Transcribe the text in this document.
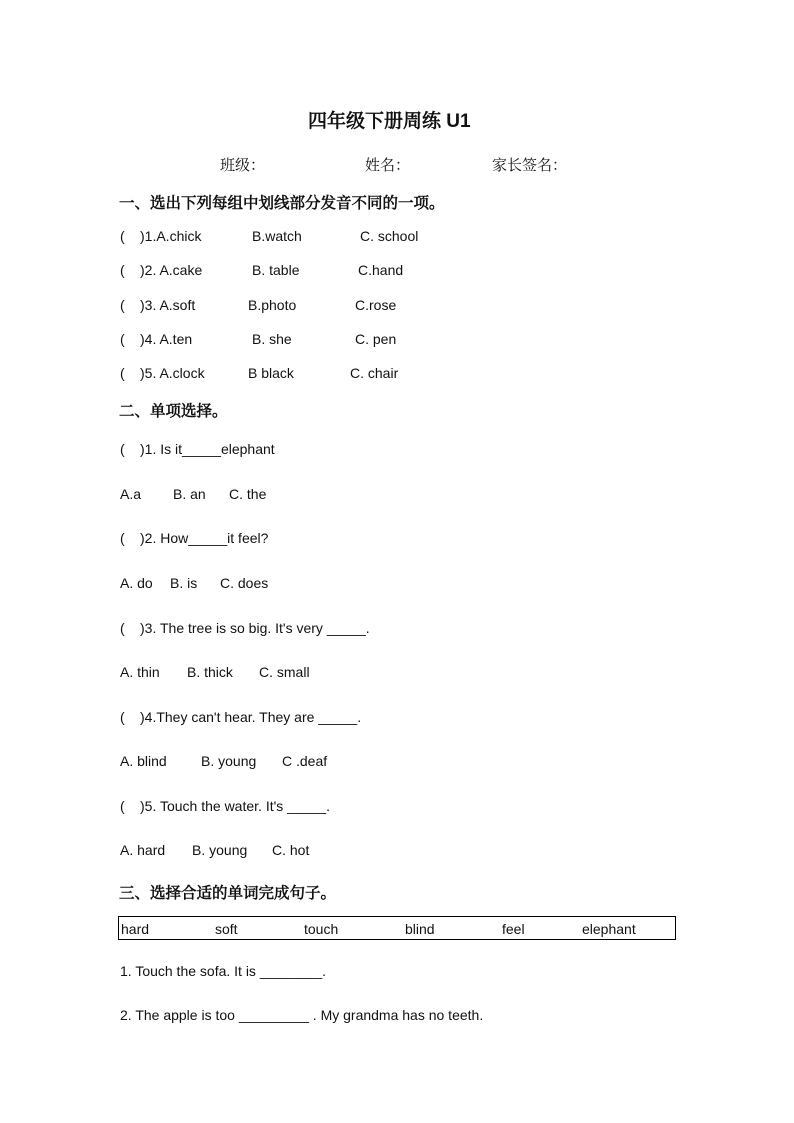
四年级下册周练 U1
班级：	姓名：	家长签名：
一、选出下列每组中划线部分发音不同的一项。
(	)1.A.chick	B.watch	C. school
(	)2. A.cake	B. table	C.hand
(	)3. A.soft	B.photo	C.rose
(	)4. A.ten	B. she	C. pen
(	)5. A.clock	B black	C. chair
二、单项选择。
( )1. Is it_____elephant
A.a B. an C. the
( )2. How_____it feel?
A. do B. is C. does
( )3. The tree is so big. It's very _____.
A. thin B. thick C. small
( )4.They can't hear. They are _____.
A. blind B. young C .deaf
( )5. Touch the water. It's _____.
A. hard B. young C. hot
三、选择合适的单词完成句子。
hard	soft	touch	blind	feel	elephant
1. Touch the sofa. It is ________.
2. The apple is too _________ . My grandma has no teeth.
